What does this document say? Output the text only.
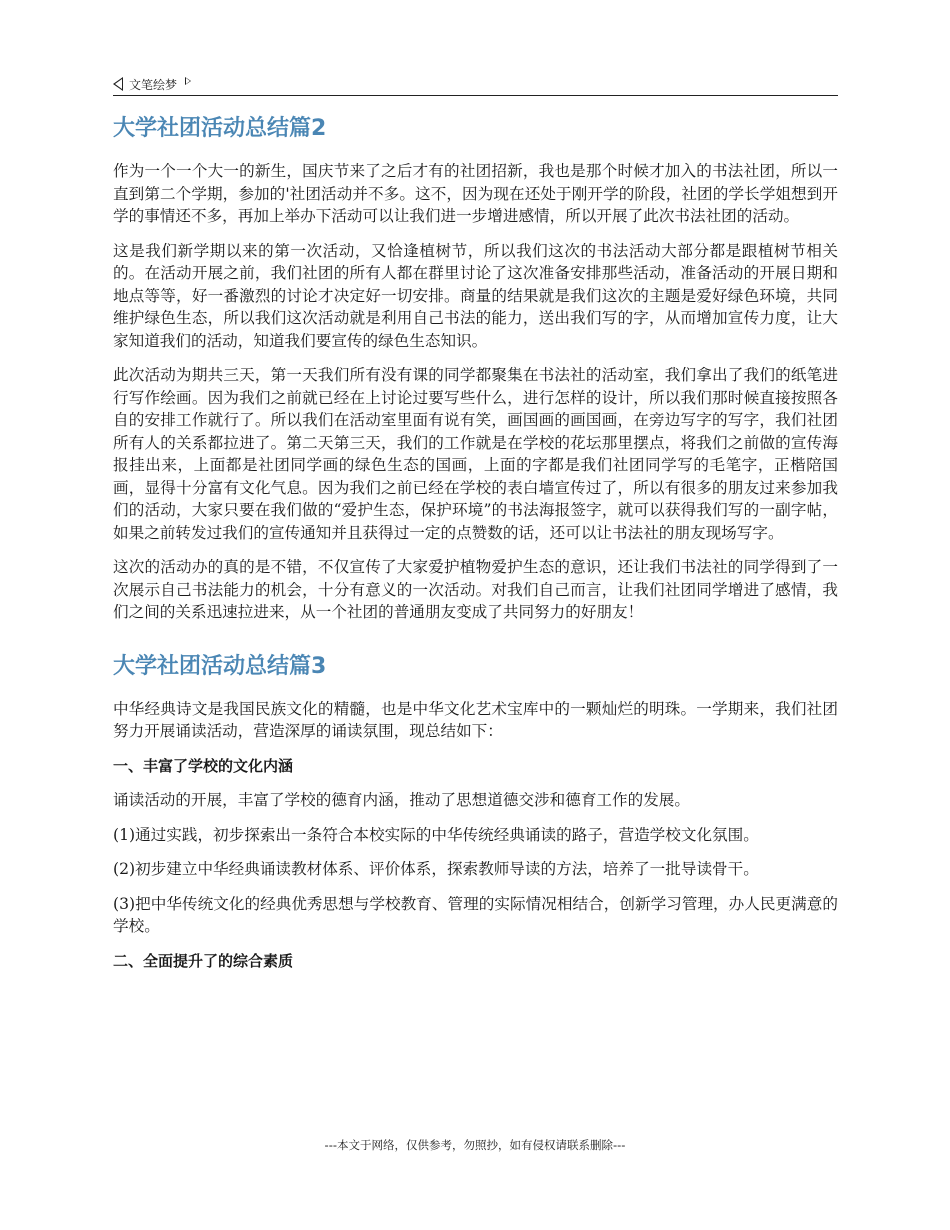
文笔绘梦
大学社团活动总结篇2

作为一个一个大一的新生，国庆节来了之后才有的社团招新，我也是那个时候才加入的书法社团，所以一直到第二个学期，参加的'社团活动并不多。这不，因为现在还处于刚开学的阶段，社团的学长学姐想到开学的事情还不多，再加上举办下活动可以让我们进一步增进感情，所以开展了此次书法社团的活动。

这是我们新学期以来的第一次活动，又恰逢植树节，所以我们这次的书法活动大部分都是跟植树节相关的。在活动开展之前，我们社团的所有人都在群里讨论了这次准备安排那些活动，准备活动的开展日期和地点等等，好一番激烈的讨论才决定好一切安排。商量的结果就是我们这次的主题是爱好绿色环境，共同维护绿色生态，所以我们这次活动就是利用自己书法的能力，送出我们写的字，从而增加宣传力度，让大家知道我们的活动，知道我们要宣传的绿色生态知识。

此次活动为期共三天，第一天我们所有没有课的同学都聚集在书法社的活动室，我们拿出了我们的纸笔进行写作绘画。因为我们之前就已经在上讨论过要写些什么，进行怎样的设计，所以我们那时候直接按照各自的安排工作就行了。所以我们在活动室里面有说有笑，画国画的画国画，在旁边写字的写字，我们社团所有人的关系都拉进了。第二天第三天，我们的工作就是在学校的花坛那里摆点，将我们之前做的宣传海报挂出来，上面都是社团同学画的绿色生态的国画，上面的字都是我们社团同学写的毛笔字，正楷陪国画，显得十分富有文化气息。因为我们之前已经在学校的表白墙宣传过了，所以有很多的朋友过来参加我们的活动，大家只要在我们做的“爱护生态，保护环境”的书法海报签字，就可以获得我们写的一副字帖，如果之前转发过我们的宣传通知并且获得过一定的点赞数的话，还可以让书法社的朋友现场写字。

这次的活动办的真的是不错，不仅宣传了大家爱护植物爱护生态的意识，还让我们书法社的同学得到了一次展示自己书法能力的机会，十分有意义的一次活动。对我们自己而言，让我们社团同学增进了感情，我们之间的关系迅速拉进来，从一个社团的普通朋友变成了共同努力的好朋友！

大学社团活动总结篇3

中华经典诗文是我国民族文化的精髓，也是中华文化艺术宝库中的一颗灿烂的明珠。一学期来，我们社团努力开展诵读活动，营造深厚的诵读氛围，现总结如下：

一、丰富了学校的文化内涵

诵读活动的开展，丰富了学校的德育内涵，推动了思想道德交涉和德育工作的发展。

(1)通过实践，初步探索出一条符合本校实际的中华传统经典诵读的路子，营造学校文化氛围。

(2)初步建立中华经典诵读教材体系、评价体系，探索教师导读的方法，培养了一批导读骨干。

(3)把中华传统文化的经典优秀思想与学校教育、管理的实际情况相结合，创新学习管理，办人民更满意的学校。

二、全面提升了的综合素质

---本文于网络，仅供参考，勿照抄，如有侵权请联系删除---
